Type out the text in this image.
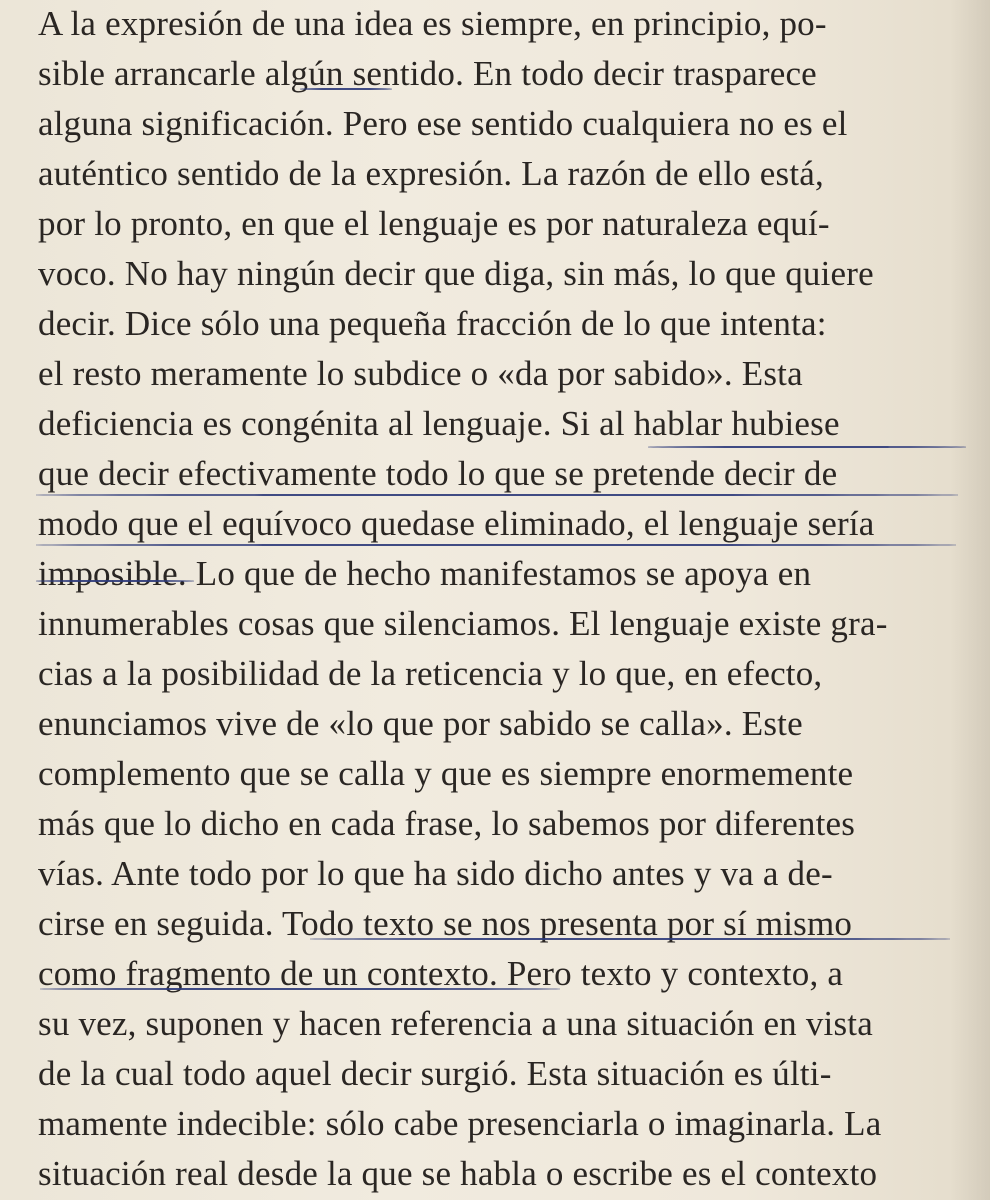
A la expresión de una idea es siempre, en principio, po-
sible arrancarle algún sentido. En todo decir trasparece
alguna significación. Pero ese sentido cualquiera no es el
auténtico sentido de la expresión. La razón de ello está,
por lo pronto, en que el lenguaje es por naturaleza equí-
voco. No hay ningún decir que diga, sin más, lo que quiere
decir. Dice sólo una pequeña fracción de lo que intenta:
el resto meramente lo subdice o «da por sabido». Esta
deficiencia es congénita al lenguaje. Si al hablar hubiese
que decir efectivamente todo lo que se pretende decir de
modo que el equívoco quedase eliminado, el lenguaje sería
imposible. Lo que de hecho manifestamos se apoya en
innumerables cosas que silenciamos. El lenguaje existe gra-
cias a la posibilidad de la reticencia y lo que, en efecto,
enunciamos vive de «lo que por sabido se calla». Este
complemento que se calla y que es siempre enormemente
más que lo dicho en cada frase, lo sabemos por diferentes
vías. Ante todo por lo que ha sido dicho antes y va a de-
cirse en seguida. Todo texto se nos presenta por sí mismo
como fragmento de un contexto. Pero texto y contexto, a
su vez, suponen y hacen referencia a una situación en vista
de la cual todo aquel decir surgió. Esta situación es últi-
mamente indecible: sólo cabe presenciarla o imaginarla. La
situación real desde la que se habla o escribe es el contexto
